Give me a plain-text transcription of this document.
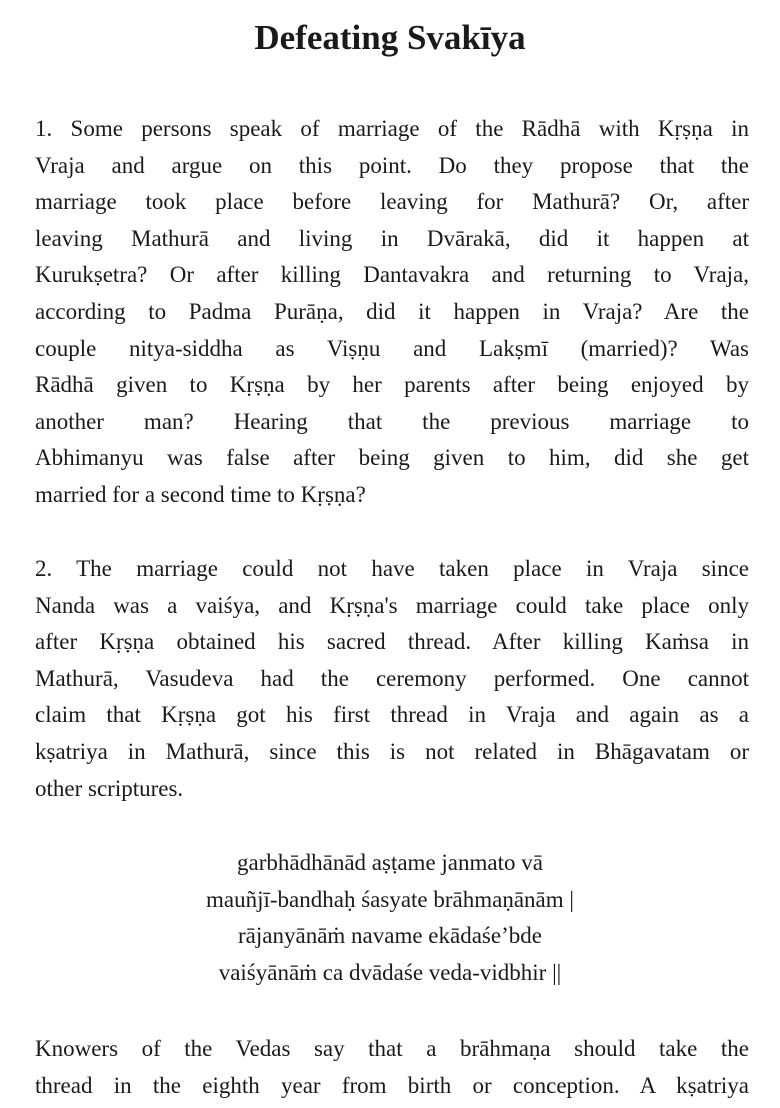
Defeating Svakīya
1. Some persons speak of marriage of the Rādhā with Kṛṣṇa in
Vraja and argue on this point. Do they propose that the
marriage took place before leaving for Mathurā? Or, after
leaving Mathurā and living in Dvārakā, did it happen at
Kurukṣetra? Or after killing Dantavakra and returning to Vraja,
according to Padma Purāṇa, did it happen in Vraja? Are the
couple nitya-siddha as Viṣṇu and Lakṣmī (married)? Was
Rādhā given to Kṛṣṇa by her parents after being enjoyed by
another man? Hearing that the previous marriage to
Abhimanyu was false after being given to him, did she get
married for a second time to Kṛṣṇa?
2. The marriage could not have taken place in Vraja since
Nanda was a vaiśya, and Kṛṣṇa's marriage could take place only
after Kṛṣṇa obtained his sacred thread. After killing Kaṁsa in
Mathurā, Vasudeva had the ceremony performed. One cannot
claim that Kṛṣṇa got his first thread in Vraja and again as a
kṣatriya in Mathurā, since this is not related in Bhāgavatam or
other scriptures.
garbhādhānād aṣṭame janmato vā
mauñjī-bandhaḥ śasyate brāhmaṇānām |
rājanyānāṁ navame ekādaśe’bde
vaiśyānāṁ ca dvādaśe veda-vidbhir ||
Knowers of the Vedas say that a brāhmaṇa should take the
thread in the eighth year from birth or conception. A kṣatriya
